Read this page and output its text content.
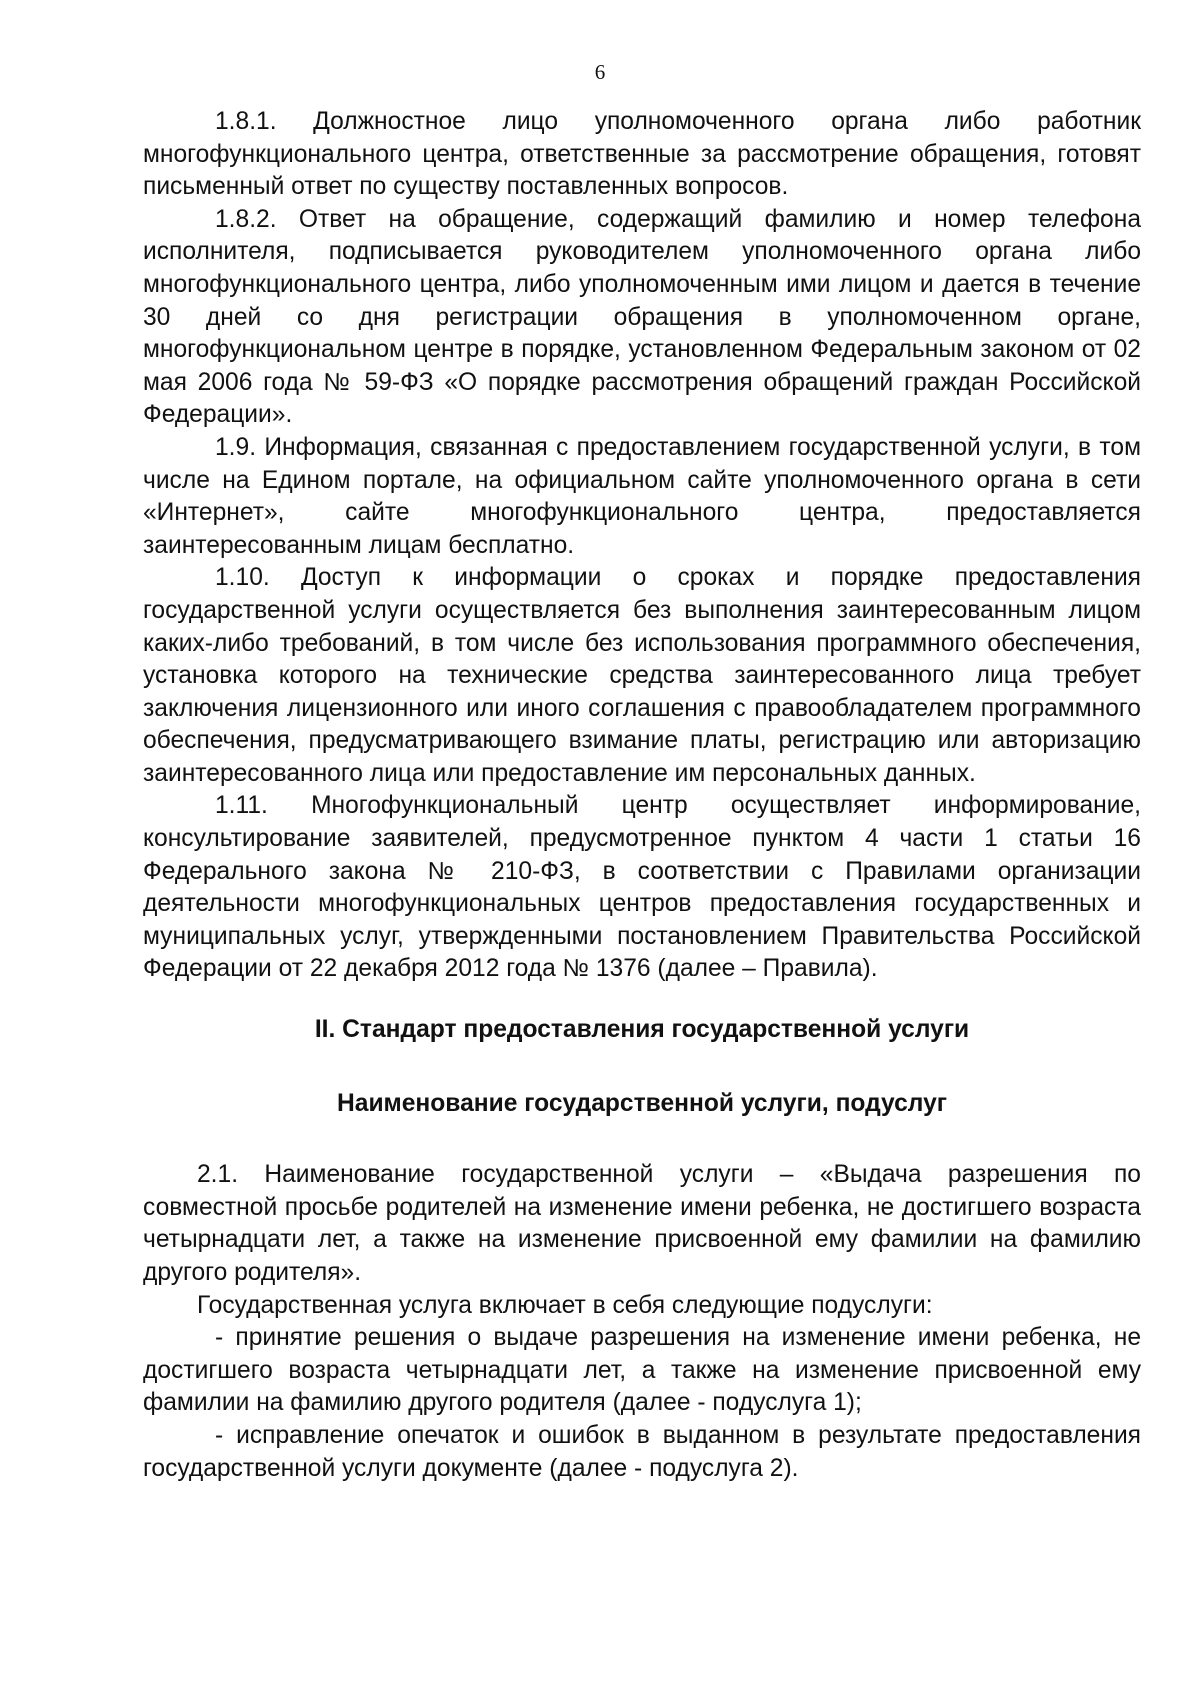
6

1.8.1. Должностное лицо уполномоченного органа либо работник многофункционального центра, ответственные за рассмотрение обращения, готовят письменный ответ по существу поставленных вопросов.

1.8.2. Ответ на обращение, содержащий фамилию и номер телефона исполнителя, подписывается руководителем уполномоченного органа либо многофункционального центра, либо уполномоченным ими лицом и дается в течение 30 дней со дня регистрации обращения в уполномоченном органе, многофункциональном центре в порядке, установленном Федеральным законом от 02 мая 2006 года № 59-ФЗ «О порядке рассмотрения обращений граждан Российской Федерации».

1.9. Информация, связанная с предоставлением государственной услуги, в том числе на Едином портале, на официальном сайте уполномоченного органа в сети «Интернет», сайте многофункционального центра, предоставляется заинтересованным лицам бесплатно.

1.10. Доступ к информации о сроках и порядке предоставления государственной услуги осуществляется без выполнения заинтересованным лицом каких-либо требований, в том числе без использования программного обеспечения, установка которого на технические средства заинтересованного лица требует заключения лицензионного или иного соглашения с правообладателем программного обеспечения, предусматривающего взимание платы, регистрацию или авторизацию заинтересованного лица или предоставление им персональных данных.

1.11. Многофункциональный центр осуществляет информирование, консультирование заявителей, предусмотренное пунктом 4 части 1 статьи 16 Федерального закона № 210-ФЗ, в соответствии с Правилами организации деятельности многофункциональных центров предоставления государственных и муниципальных услуг, утвержденными постановлением Правительства Российской Федерации от 22 декабря 2012 года № 1376 (далее – Правила).

II. Стандарт предоставления государственной услуги
Наименование государственной услуги, подуслуг

2.1. Наименование государственной услуги – «Выдача разрешения по совместной просьбе родителей на изменение имени ребенка, не достигшего возраста четырнадцати лет, а также на изменение присвоенной ему фамилии на фамилию другого родителя».

Государственная услуга включает в себя следующие подуслуги:

- принятие решения о выдаче разрешения на изменение имени ребенка, не достигшего возраста четырнадцати лет, а также на изменение присвоенной ему фамилии на фамилию другого родителя (далее - подуслуга 1);

- исправление опечаток и ошибок в выданном в результате предоставления государственной услуги документе (далее - подуслуга 2).
